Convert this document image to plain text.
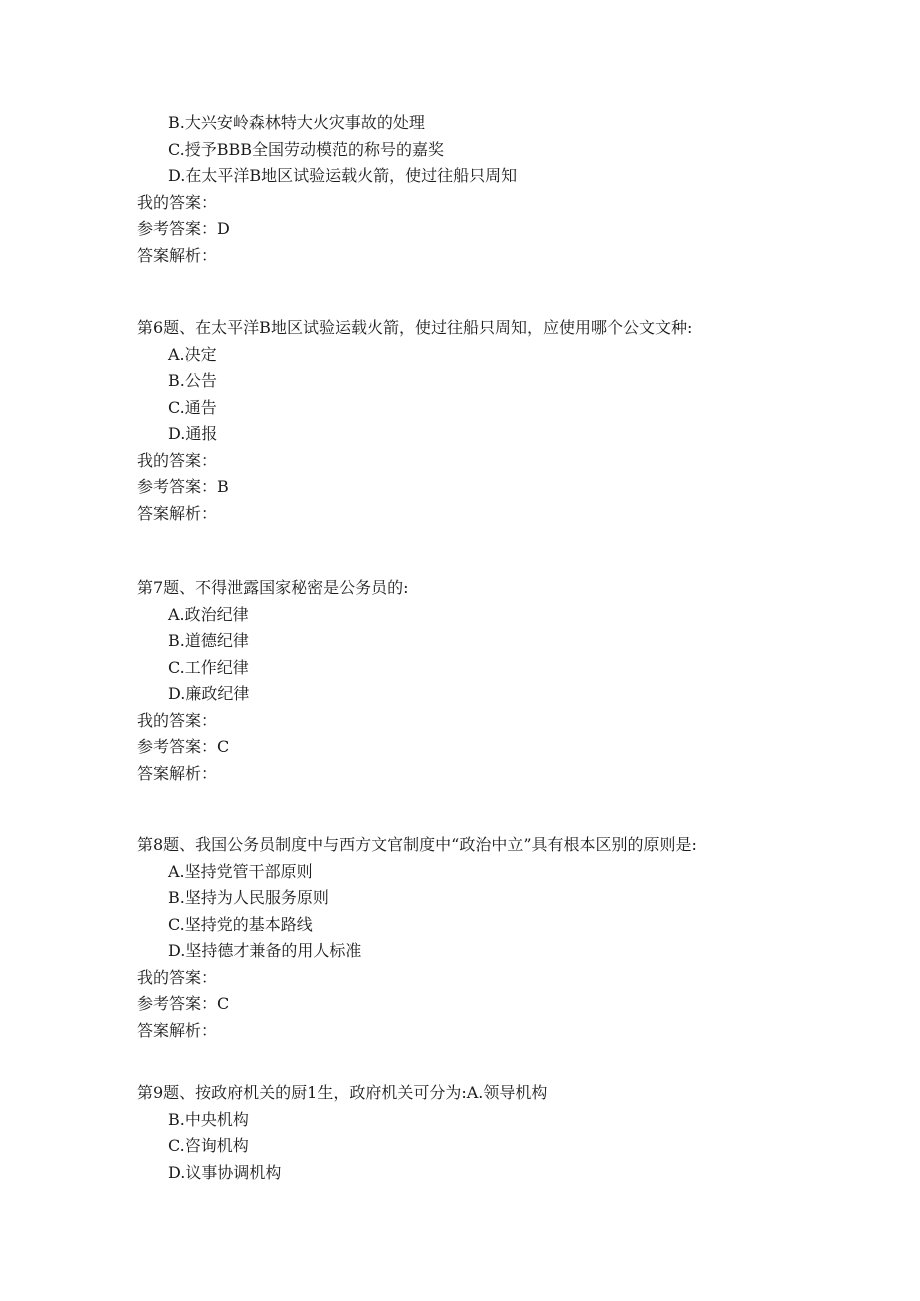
B.大兴安岭森林特大火灾事故的处理
C.授予BBB全国劳动模范的称号的嘉奖
D.在太平洋B地区试验运载火箭，使过往船只周知
我的答案：
参考答案：D
答案解析：
第6题、在太平洋B地区试验运载火箭，使过往船只周知，应使用哪个公文文种:
A.决定
B.公告
C.通告
D.通报
我的答案：
参考答案：B
答案解析：
第7题、不得泄露国家秘密是公务员的:
A.政治纪律
B.道德纪律
C.工作纪律
D.廉政纪律
我的答案：
参考答案：C
答案解析：
第8题、我国公务员制度中与西方文官制度中“政治中立”具有根本区别的原则是:
A.坚持党管干部原则
B.坚持为人民服务原则
C.坚持党的基本路线
D.坚持德才兼备的用人标准
我的答案：
参考答案：C
答案解析：
第9题、按政府机关的厨1生，政府机关可分为:A.领导机构
B.中央机构
C.咨询机构
D.议事协调机构
